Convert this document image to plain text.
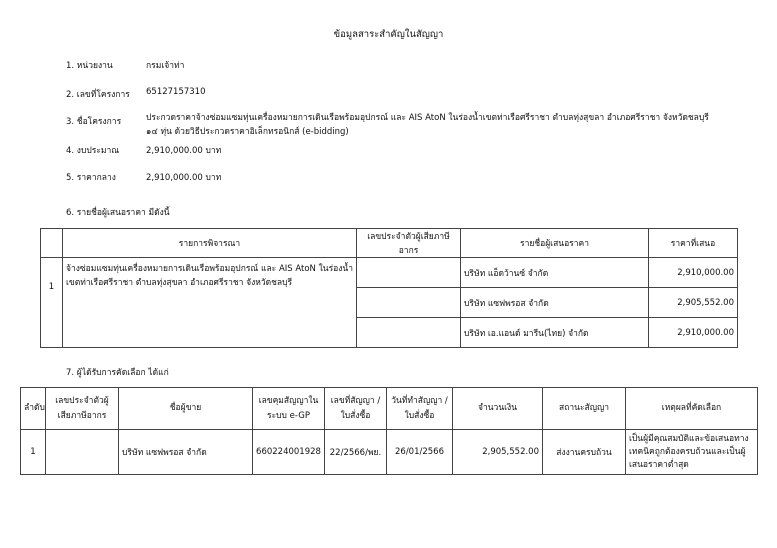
ข้อมูลสาระสำคัญในสัญญา
1. หน่วยงาน	กรมเจ้าท่า
2. เลขที่โครงการ 65127157310
3. ชื่อโครงการ	ประกวดราคาจ้างซ่อมแซมทุ่นเครื่องหมายการเดินเรือพร้อมอุปกรณ์ และ AIS AtoN ในร่องน้ำเขตท่าเรือศรีราชา ตำบลทุ่งสุขลา อำเภอศรีราชา จังหวัดชลบุรี ๑๔ ทุ่น ด้วยวิธีประกวดราคาอิเล็กทรอนิกส์ (e-bidding)
4. งบประมาณ	2,910,000.00 บาท
5. ราคากลาง	2,910,000.00 บาท
6. รายชื่อผู้เสนอราคา มีดังนี้
	รายการพิจารณา	เลขประจำตัวผู้เสียภาษีอากร	รายชื่อผู้เสนอราคา	ราคาที่เสนอ
1	จ้างซ่อมแซมทุ่นเครื่องหมายการเดินเรือพร้อมอุปกรณ์ และ AIS AtoN ในร่องน้ำเขตท่าเรือศรีราชา ตำบลทุ่งสุขลา อำเภอศรีราชา จังหวัดชลบุรี		บริษัท แอ็ดว้านซ์ จำกัด	2,910,000.00
			บริษัท แซฟพรอส จำกัด	2,905,552.00
			บริษัท เอ.แอนด์ มารีน(ไทย) จำกัด	2,910,000.00
7. ผู้ได้รับการคัดเลือก ได้แก่
ลำดับ	เลขประจำตัวผู้เสียภาษีอากร	ชื่อผู้ขาย	เลขคุมสัญญาในระบบ e-GP	เลขที่สัญญา / ใบสั่งซื้อ	วันที่ทำสัญญา / ใบสั่งซื้อ	จำนวนเงิน	สถานะสัญญา	เหตุผลที่คัดเลือก
1		บริษัท แซฟพรอส จำกัด	660224001928	22/2566/พย.	26/01/2566	2,905,552.00	ส่งงานครบถ้วน	เป็นผู้มีคุณสมบัติและข้อเสนอทางเทคนิคถูกต้องครบถ้วนและเป็นผู้เสนอราคาต่ำสุด
